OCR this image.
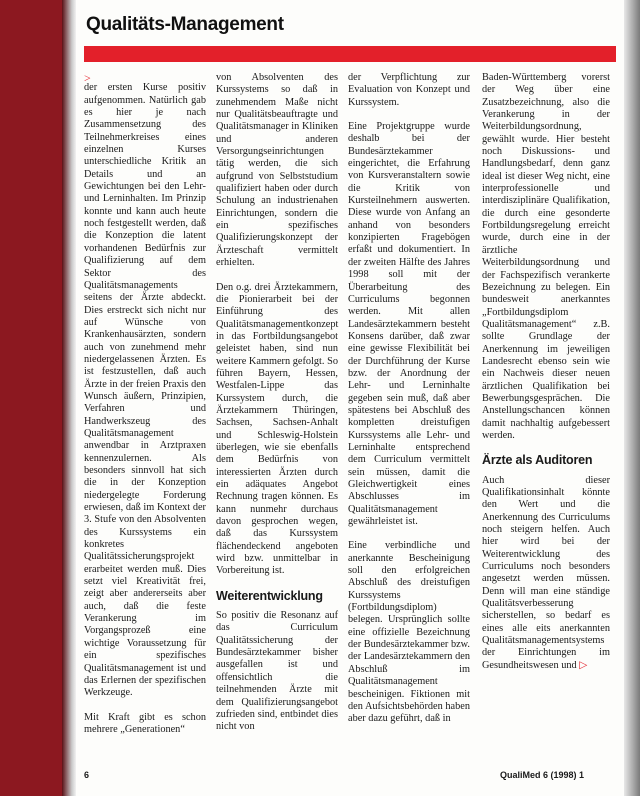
Qualitäts-Management
>

der ersten Kurse positiv aufgenommen. Natürlich gab es hier je nach Zusammensetzung des Teilnehmerkreises eines einzelnen Kurses unterschiedliche Kritik an Details und an Gewichtungen bei den Lehr- und Lerninhalten. Im Prinzip konnte und kann auch heute noch festgestellt werden, daß die Konzeption die latent vorhandenen Bedürfnis zur Qualifizierung auf dem Sektor des Qualitätsmanagements seitens der Ärzte abdeckt. Dies erstreckt sich nicht nur auf Wünsche von Krankenhausärzten, sondern auch von zunehmend mehr niedergelassenen Ärzten. Es ist festzustellen, daß auch Ärzte in der freien Praxis den Wunsch äußern, Prinzipien, Verfahren und Handwerkszeug des Qualitätsmanagement anwendbar in Arztpraxen kennenzulernen. Als besonders sinnvoll hat sich die in der Konzeption niedergelegte Forderung erwiesen, daß im Kontext der 3. Stufe von den Absolventen des Kurssystems ein konkretes Qualitätssicherungsprojekt erarbeitet werden muß. Dies setzt viel Kreativität frei, zeigt aber andererseits aber auch, daß die feste Verankerung im Vorgangsprozeß eine wichtige Voraussetzung für ein spezifisches Qualitätsmanagement ist und das Erlernen der spezifischen Werkzeuge.

Mit Kraft gibt es schon mehrere „Generationen“

von Absolventen des Kurssystems so daß in zunehmendem Maße nicht nur Qualitätsbeauftragte und Qualitätsmanager in Kliniken und anderen Versorgungseinrichtungen tätig werden, die sich aufgrund von Selbststudium qualifiziert haben oder durch Schulung an industrienahen Einrichtungen, sondern die ein spezifisches Qualifizierungskonzept der Ärzteschaft vermittelt erhielten.

Den o.g. drei Ärztekammern, die Pionierarbeit bei der Einführung des Qualitätsmanagementkonzept in das Fortbildungsangebot geleistet haben, sind nun weitere Kammern gefolgt. So führen Bayern, Hessen, Westfalen-Lippe das Kurssystem durch, die Ärztekammern Thüringen, Sachsen, Sachsen-Anhalt und Schleswig-Holstein überlegen, wie sie ebenfalls dem Bedürfnis von interessierten Ärzten durch ein adäquates Angebot Rechnung tragen können. Es kann nunmehr durchaus davon gesprochen wegen, daß das Kurssystem flächendeckend angeboten wird bzw. unmittelbar in Vorbereitung ist.

Weiterentwicklung

So positiv die Resonanz auf das Curriculum Qualitätssicherung der Bundesärztekammer bisher ausgefallen ist und offensichtlich die teilnehmenden Ärzte mit dem Qualifizierungsangebot zufrieden sind, entbindet dies nicht von

der Verpflichtung zur Evaluation von Konzept und Kurssystem.

Eine Projektgruppe wurde deshalb bei der Bundesärztekammer eingerichtet, die Erfahrung von Kursveranstaltern sowie die Kritik von Kursteilnehmern auswerten. Diese wurde von Anfang an anhand von besonders konzipierten Fragebögen erfaßt und dokumentiert. In der zweiten Hälfte des Jahres 1998 soll mit der Überarbeitung des Curriculums begonnen werden. Mit allen Landesärztekammern besteht Konsens darüber, daß zwar eine gewisse Flexibilität bei der Durchführung der Kurse bzw. der Anordnung der Lehr- und Lerninhalte gegeben sein muß, daß aber spätestens bei Abschluß des kompletten dreistufigen Kurssystems alle Lehr- und Lerninhalte entsprechend dem Curriculum vermittelt sein müssen, damit die Gleichwertigkeit eines Abschlusses im Qualitätsmanagement gewährleistet ist.

Eine verbindliche und anerkannte Bescheinigung soll den erfolgreichen Abschluß des dreistufigen Kurssystems (Fortbildungsdiplom) belegen. Ursprünglich sollte eine offizielle Bezeichnung der Bundesärztekammer bzw. der Landesärztekammern den Abschluß im Qualitätsmanagement bescheinigen. Fiktionen mit den Aufsichtsbehörden haben aber dazu geführt, daß in

Baden-Württemberg vorerst der Weg über eine Zusatzbezeichnung, also die Verankerung in der Weiterbildungsordnung, gewählt wurde. Hier besteht noch Diskussions- und Handlungsbedarf, denn ganz ideal ist dieser Weg nicht, eine interprofessionelle und interdisziplinäre Qualifikation, die durch eine gesonderte Fortbildungsregelung erreicht wurde, durch eine in der ärztliche Weiterbildungsordnung und der Fachspezifisch verankerte Bezeichnung zu belegen. Ein bundesweit anerkanntes „Fortbildungsdiplom Qualitätsmanagement“ z.B. sollte Grundlage der Anerkennung im jeweiligen Landesrecht ebenso sein wie ein Nachweis dieser neuen ärztlichen Qualifikation bei Bewerbungsgesprächen. Die Anstellungschancen können damit nachhaltig aufgebessert werden.

Ärzte als Auditoren

Auch dieser Qualifikationsinhalt könnte den Wert und die Anerkennung des Curriculums noch steigern helfen. Auch hier wird bei der Weiterentwicklung des Curriculums noch besonders angesetzt werden müssen. Denn will man eine ständige Qualitätsverbesserung sicherstellen, so bedarf es eines alle eits anerkannten Qualitätsmanagementsystems der Einrichtungen im Gesundheitswesen und ▷

6	QualiMed 6 (1998) 1
